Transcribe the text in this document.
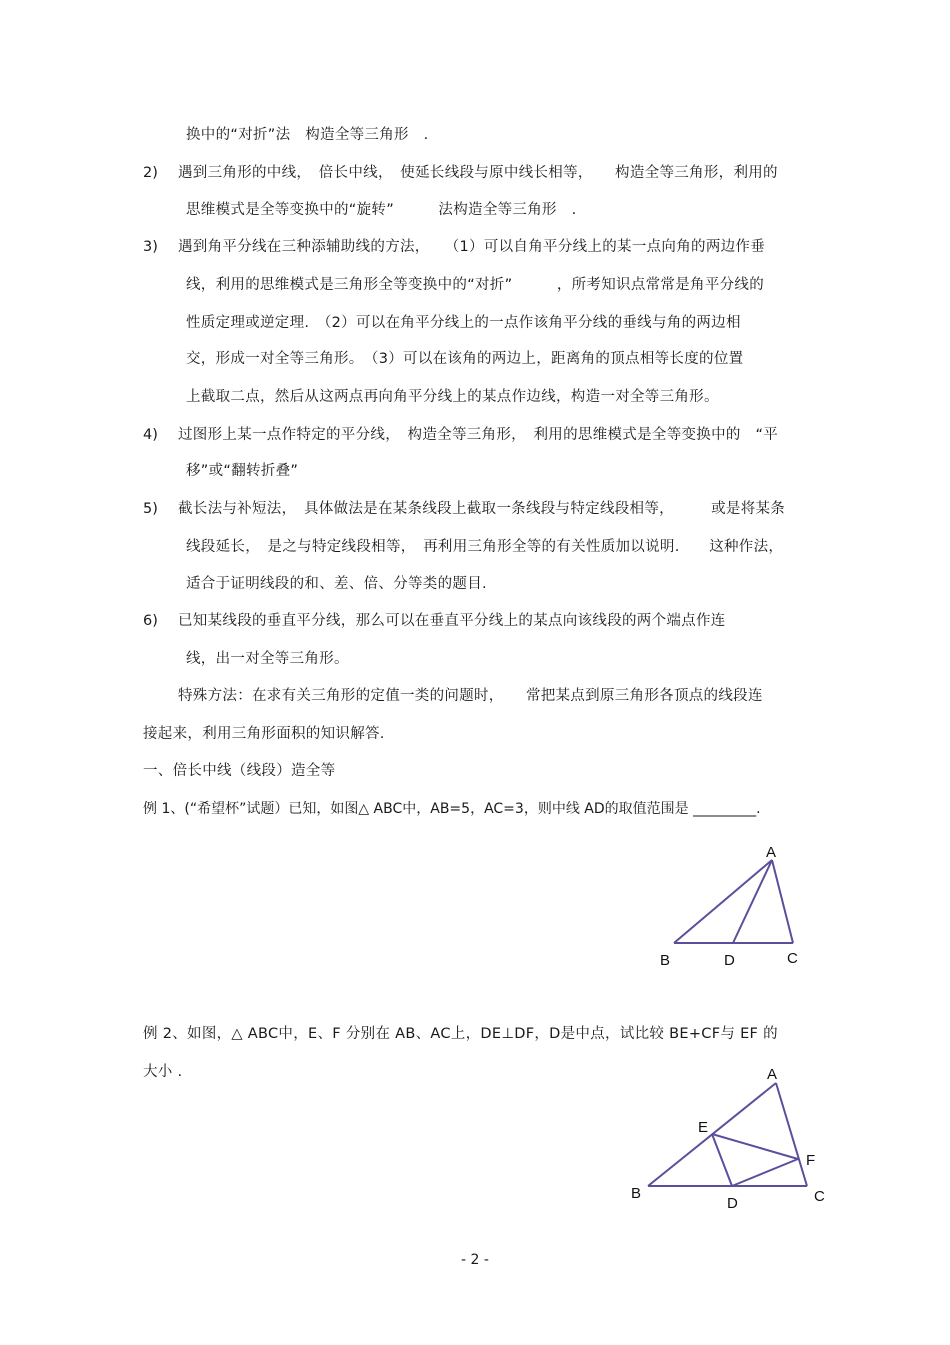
换中的“对折”法　构造全等三角形　.
2) 遇到三角形的中线，　倍长中线，　使延长线段与原中线长相等，　　构造全等三角形，利用的
思维模式是全等变换中的“旋转”　　　法构造全等三角形　.
3) 遇到角平分线在三种添辅助线的方法，　　（1）可以自角平分线上的某一点向角的两边作垂
线，利用的思维模式是三角形全等变换中的“对折”　　　，所考知识点常常是角平分线的
性质定理或逆定理.　（2）可以在角平分线上的一点作该角平分线的垂线与角的两边相
交，形成一对全等三角形。　（3）可以在该角的两边上，距离角的顶点相等长度的位置
上截取二点，然后从这两点再向角平分线上的某点作边线，构造一对全等三角形。
4) 过图形上某一点作特定的平分线，　构造全等三角形，　利用的思维模式是全等变换中的　“平
移”或“翻转折叠”
5) 截长法与补短法，　具体做法是在某条线段上截取一条线段与特定线段相等，　　　或是将某条
线段延长，　是之与特定线段相等，　再利用三角形全等的有关性质加以说明.　　这种作法，
适合于证明线段的和、差、倍、分等类的题目.
6) 已知某线段的垂直平分线，那么可以在垂直平分线上的某点向该线段的两个端点作连
线，出一对全等三角形。
特殊方法：在求有关三角形的定值一类的问题时，　　常把某点到原三角形各顶点的线段连
接起来，利用三角形面积的知识解答.
一、倍长中线（线段）造全等
例 1、(“希望杯”试题）已知，如图△ ABC中，AB=5，AC=3，则中线 AD的取值范围是 _________.
A
B	D	C
例 2、如图，△ ABC中，E、F 分别在 AB、AC上，DE⊥DF，D是中点，试比较 BE+CF与 EF 的
大小 .	A
E
F
B
D	C
- 2 -
